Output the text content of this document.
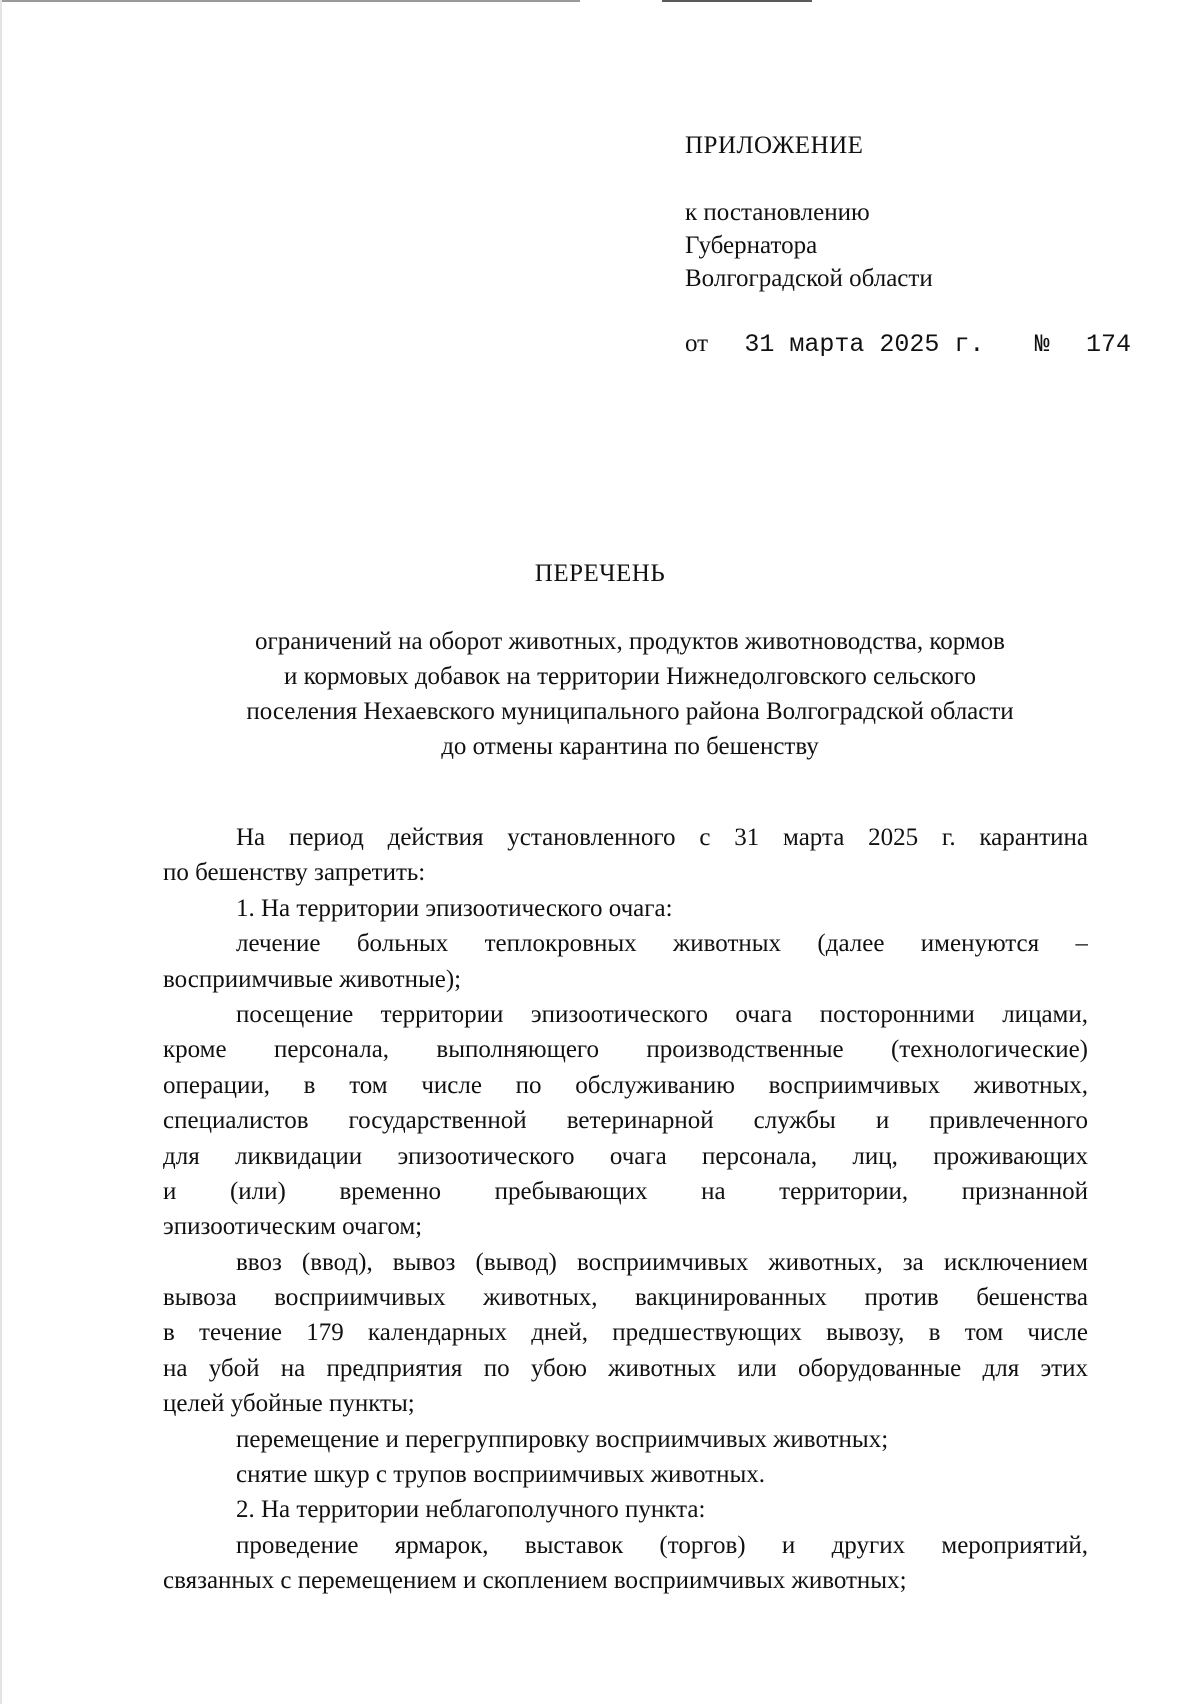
ПРИЛОЖЕНИЕ
к постановлению
Губернатора
Волгоградской области
от 31 марта 2025 г. № 174
ПЕРЕЧЕНЬ
ограничений на оборот животных, продуктов животноводства, кормов
и кормовых добавок на территории Нижнедолговского сельского
поселения Нехаевского муниципального района Волгоградской области
до отмены карантина по бешенству
На период действия установленного с 31 марта 2025 г. карантина
по бешенству запретить:
1. На территории эпизоотического очага:
лечение больных теплокровных животных (далее именуются –
восприимчивые животные);
посещение территории эпизоотического очага посторонними лицами,
кроме персонала, выполняющего производственные (технологические)
операции, в том числе по обслуживанию восприимчивых животных,
специалистов государственной ветеринарной службы и привлеченного
для ликвидации эпизоотического очага персонала, лиц, проживающих
и (или) временно пребывающих на территории, признанной
эпизоотическим очагом;
ввоз (ввод), вывоз (вывод) восприимчивых животных, за исключением
вывоза восприимчивых животных, вакцинированных против бешенства
в течение 179 календарных дней, предшествующих вывозу, в том числе
на убой на предприятия по убою животных или оборудованные для этих
целей убойные пункты;
перемещение и перегруппировку восприимчивых животных;
снятие шкур с трупов восприимчивых животных.
2. На территории неблагополучного пункта:
проведение ярмарок, выставок (торгов) и других мероприятий,
связанных с перемещением и скоплением восприимчивых животных;
